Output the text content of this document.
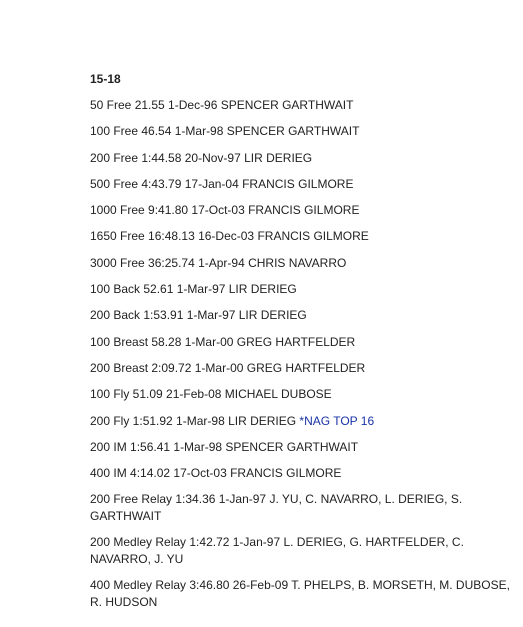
15-18
50 Free 21.55 1-Dec-96 SPENCER GARTHWAIT
100 Free 46.54 1-Mar-98 SPENCER GARTHWAIT
200 Free 1:44.58 20-Nov-97 LIR DERIEG
500 Free 4:43.79 17-Jan-04 FRANCIS GILMORE
1000 Free 9:41.80 17-Oct-03 FRANCIS GILMORE
1650 Free 16:48.13 16-Dec-03 FRANCIS GILMORE
3000 Free 36:25.74 1-Apr-94 CHRIS NAVARRO
100 Back 52.61 1-Mar-97 LIR DERIEG
200 Back 1:53.91 1-Mar-97 LIR DERIEG
100 Breast 58.28 1-Mar-00 GREG HARTFELDER
200 Breast 2:09.72 1-Mar-00 GREG HARTFELDER
100 Fly 51.09 21-Feb-08 MICHAEL DUBOSE
200 Fly 1:51.92 1-Mar-98 LIR DERIEG *NAG TOP 16
200 IM 1:56.41 1-Mar-98 SPENCER GARTHWAIT
400 IM 4:14.02 17-Oct-03 FRANCIS GILMORE
200 Free Relay 1:34.36 1-Jan-97 J. YU, C. NAVARRO, L. DERIEG, S. GARTHWAIT
200 Medley Relay 1:42.72 1-Jan-97 L. DERIEG, G. HARTFELDER, C. NAVARRO, J. YU
400 Medley Relay 3:46.80 26-Feb-09 T. PHELPS, B. MORSETH, M. DUBOSE, R. HUDSON
